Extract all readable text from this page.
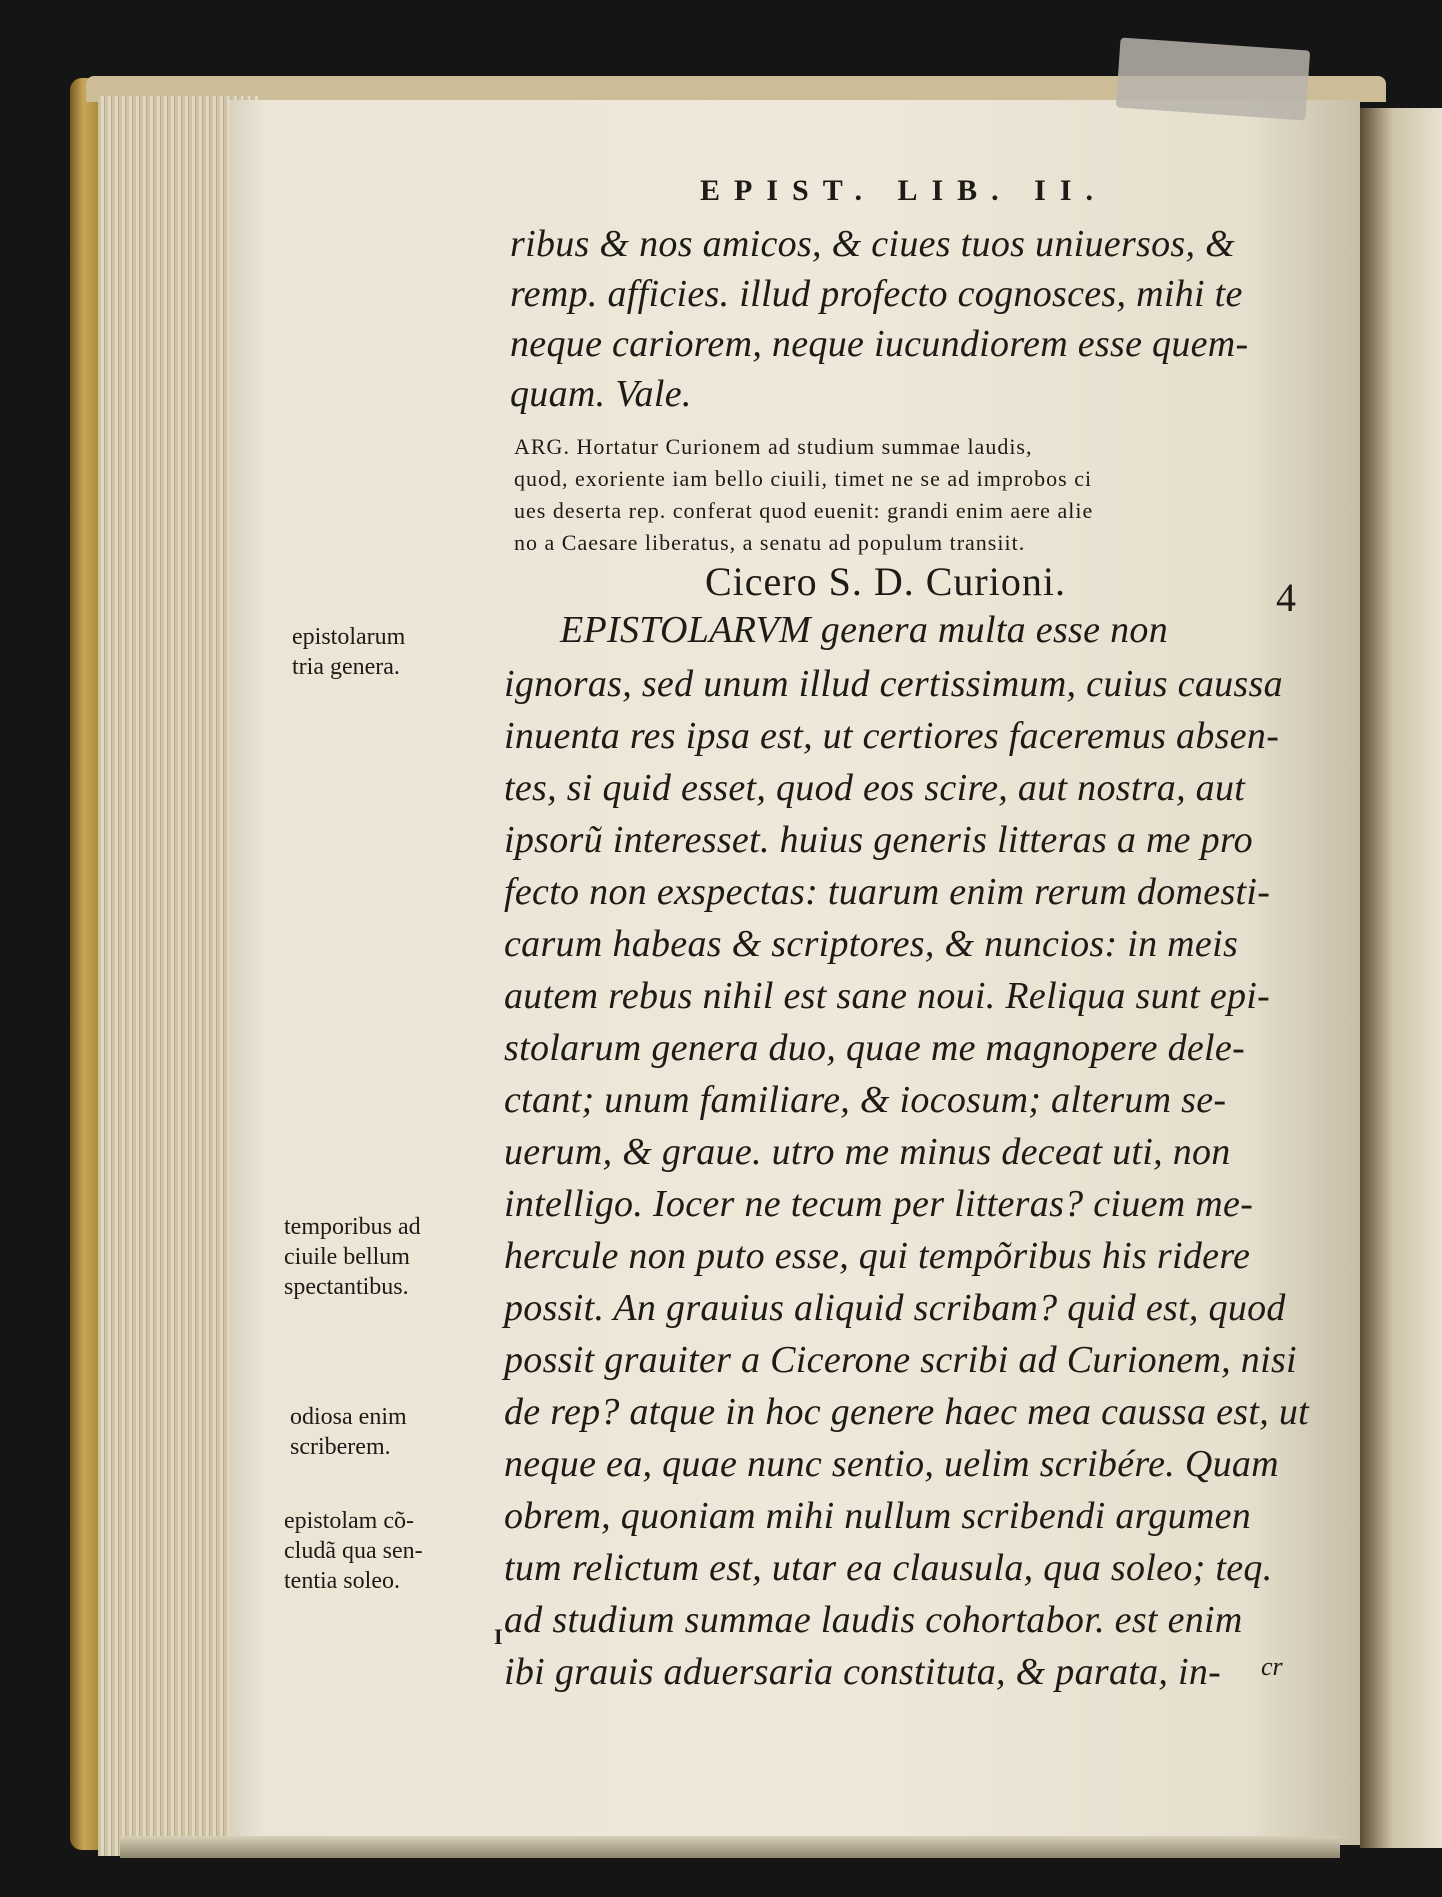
EPIST. LIB. II.
ribus & nos amicos, & ciues tuos uniuersos, &
remp. afficies. illud profecto cognosces, mihi te
neque cariorem, neque iucundiorem esse quem-
quam. Vale.
ARG. Hortatur Curionem ad studium summae laudis,
quod, exoriente iam bello ciuili, timet ne se ad improbos ci
ues deserta rep. conferat quod euenit: grandi enim aere alie
no a Caesare liberatus, a senatu ad populum transiit.
Cicero S. D. Curioni.	4
EPISTOLARVM genera multa esse non
ignoras, sed unum illud certissimum, cuius caussa
inuenta res ipsa est, ut certiores faceremus absen-
tes, si quid esset, quod eos scire, aut nostra, aut
ipsorũ interesset. huius generis litteras a me pro
fecto non exspectas: tuarum enim rerum domesti-
carum habeas & scriptores, & nuncios: in meis
autem rebus nihil est sane noui. Reliqua sunt epi-
stolarum genera duo, quae me magnopere dele-
ctant; unum familiare, & iocosum; alterum se-
uerum, & graue. utro me minus deceat uti, non
intelligo. Iocer ne tecum per litteras? ciuem me-
hercule non puto esse, qui tempõribus his ridere
possit. An grauius aliquid scribam? quid est, quod
possit grauiter a Cicerone scribi ad Curionem, nisi
de rep? atque in hoc genere haec mea caussa est, ut
neque ea, quae nunc sentio, uelim scribére. Quam
obrem, quoniam mihi nullum scribendi argumen
tum relictum est, utar ea clausula, qua soleo; teq.
ad studium summae laudis cohortabor. est enim
ibi grauis aduersaria constituta, & parata, in-
epistolarum
tria genera.
temporibus ad
ciuile bellum
spectantibus.
odiosa enim
scriberem.
epistolam cõ-
cludã qua sen-
tentia soleo.
I
cr
